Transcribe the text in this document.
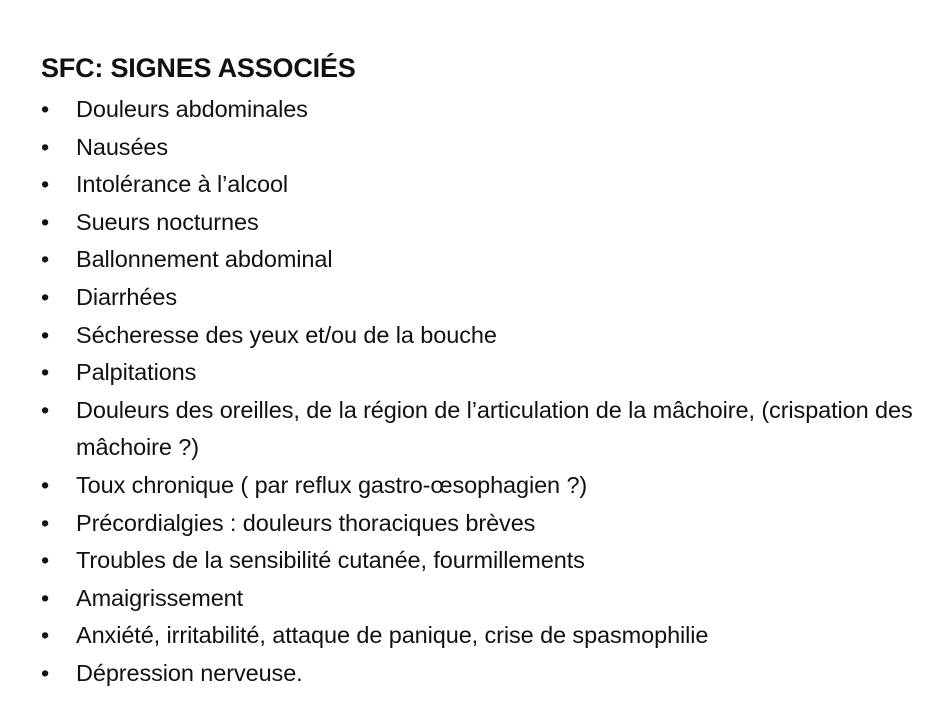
SFC: SIGNES ASSOCIÉS
•	Douleurs abdominales
•	Nausées
•	Intolérance à l’alcool
•	Sueurs nocturnes
•	Ballonnement abdominal
•	Diarrhées
•	Sécheresse des yeux et/ou de la bouche
•	Palpitations
•	Douleurs des oreilles, de la région de l’articulation de la mâchoire, (crispation des mâchoire ?)
•	Toux chronique ( par reflux gastro-œsophagien ?)
•	Précordialgies : douleurs thoraciques brèves
•	Troubles de la sensibilité cutanée, fourmillements
•	Amaigrissement
•	Anxiété, irritabilité, attaque de panique, crise de spasmophilie
•	Dépression nerveuse.
